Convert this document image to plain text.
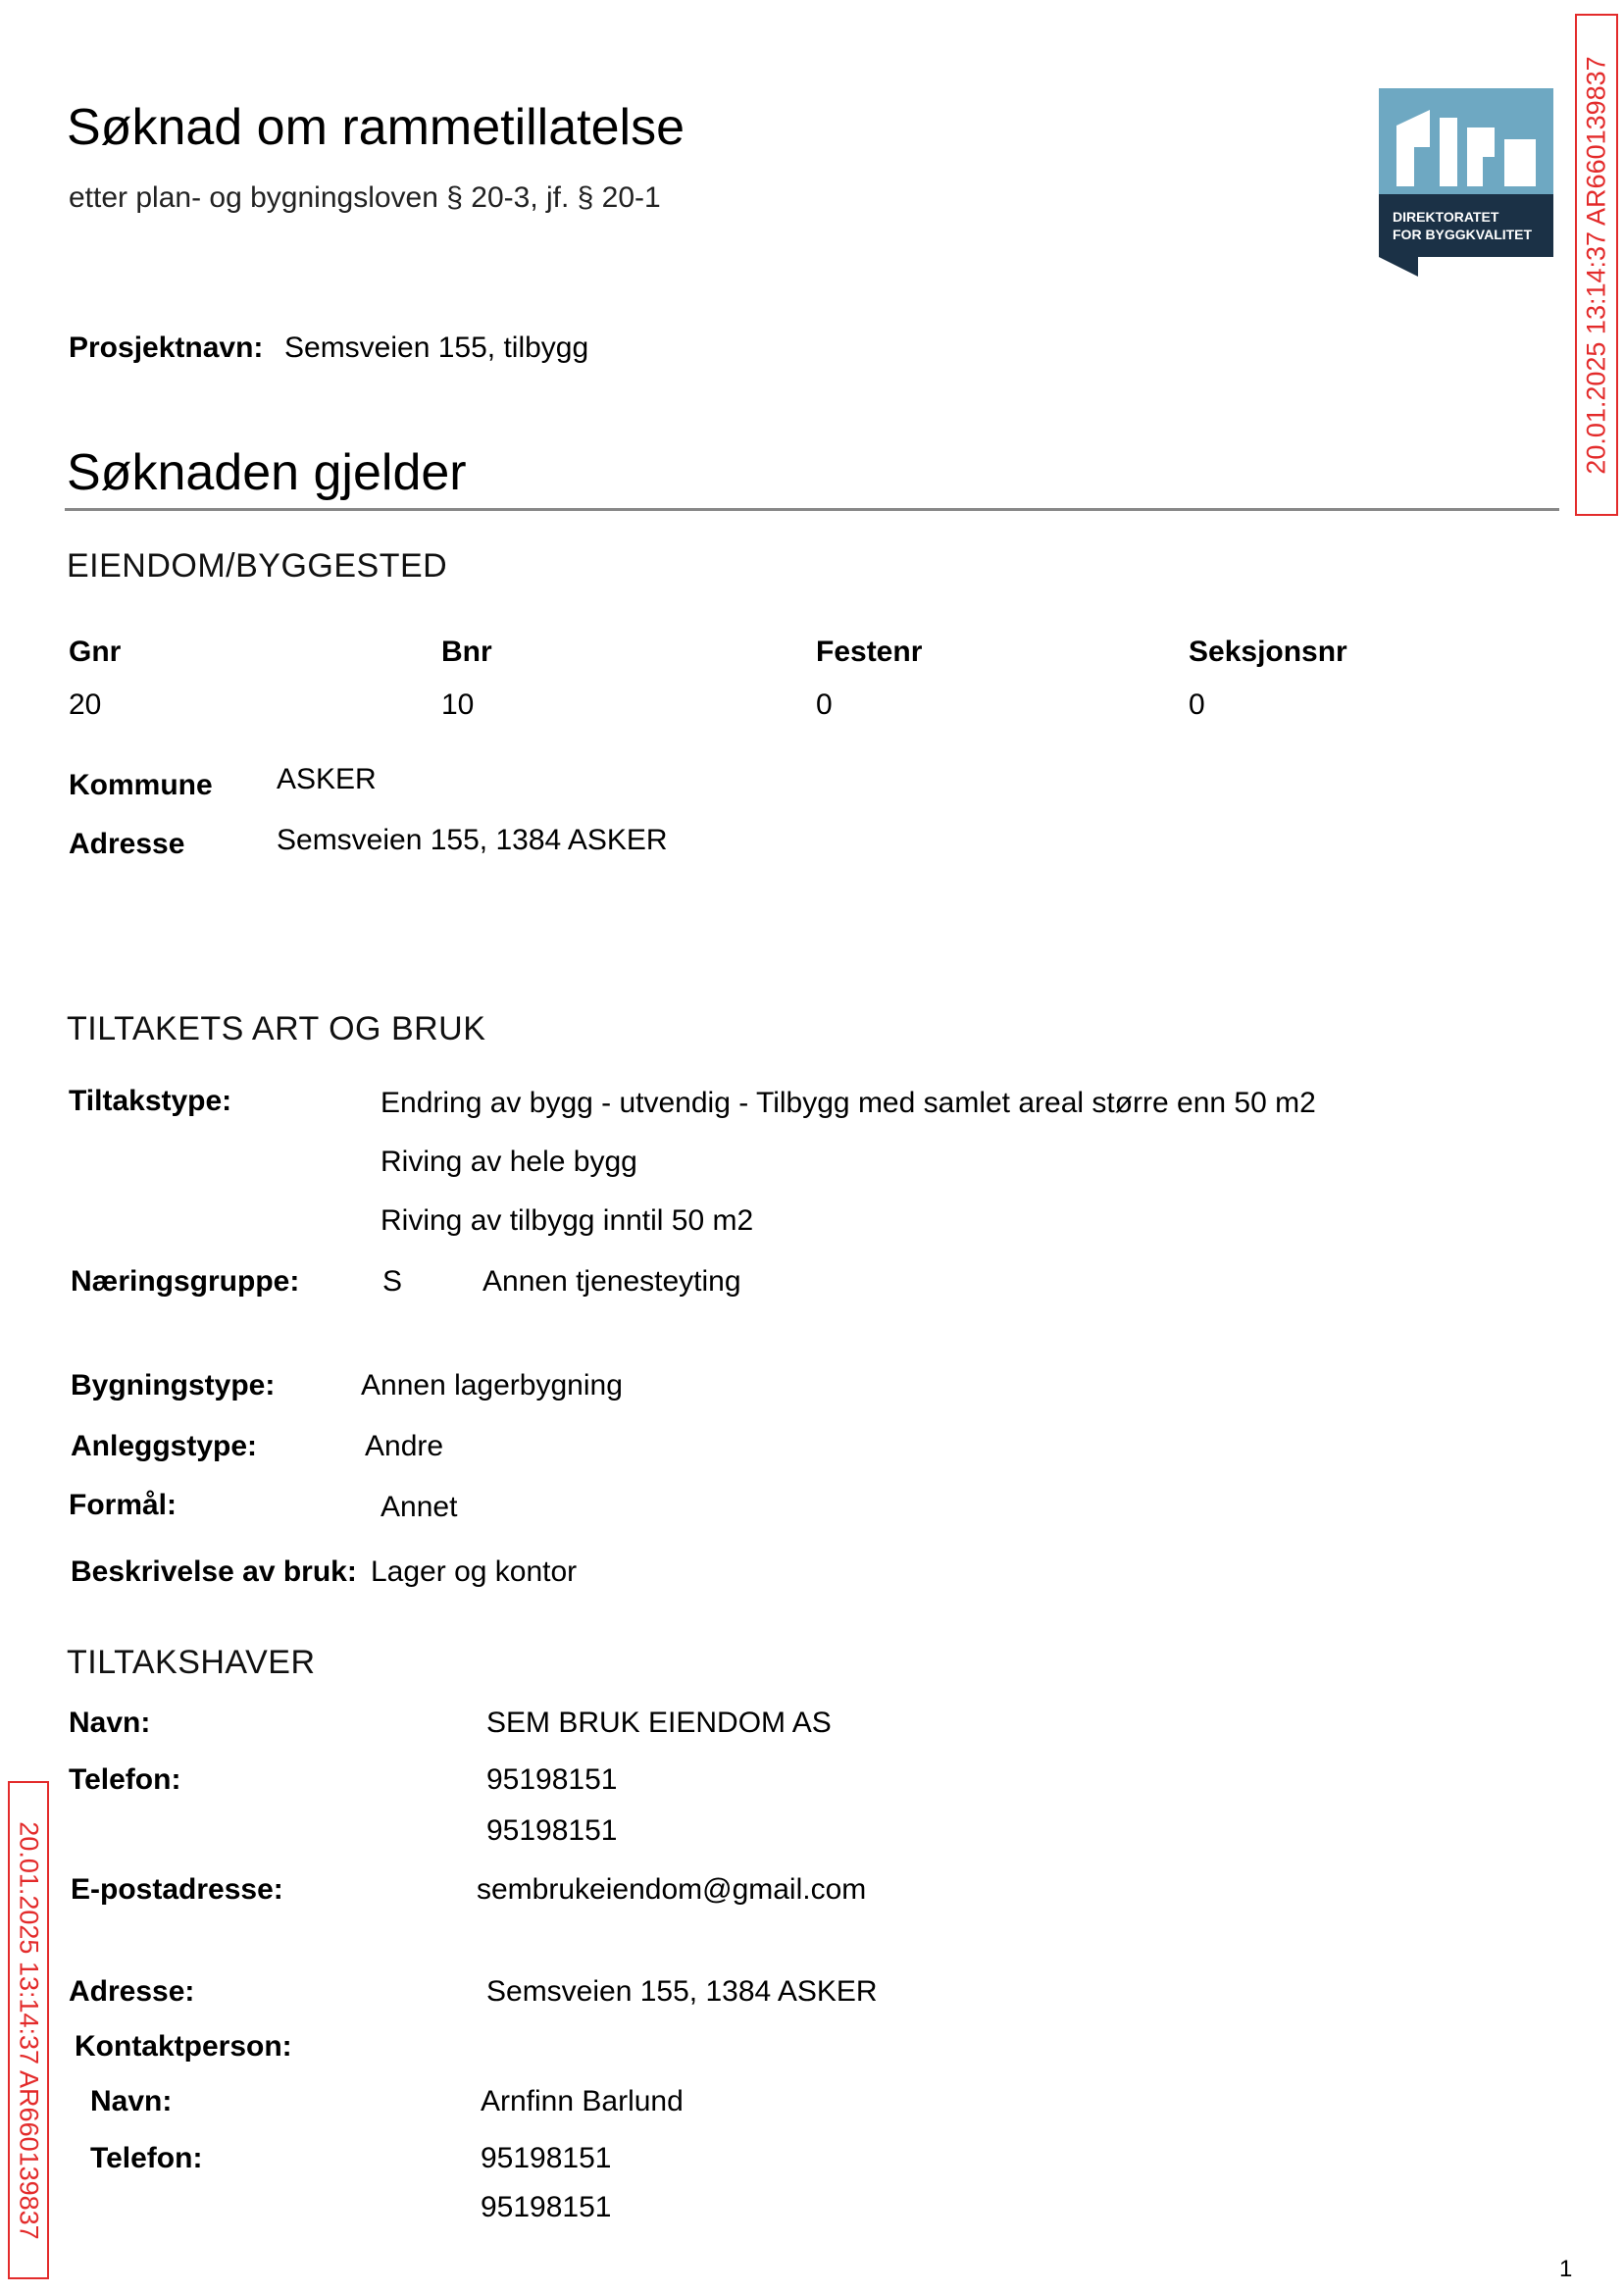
Søknad om rammetillatelse
etter plan- og bygningsloven § 20-3, jf. § 20-1
DIREKTORATET
FOR BYGGKVALITET
Prosjektnavn: Semsveien 155, tilbygg
Søknaden gjelder
EIENDOM/BYGGESTED
Gnr	Bnr	Festenr	Seksjonsnr
20	10	0	0
Kommune ASKER
Adresse	Semsveien 155, 1384 ASKER
TILTAKETS ART OG BRUK
Tiltakstype:	Endring av bygg - utvendig - Tilbygg med samlet areal større enn 50 m2
Riving av hele bygg
Riving av tilbygg inntil 50 m2
Næringsgruppe:	S	Annen tjenesteyting
Bygningstype:	Annen lagerbygning
Anleggstype:	Andre
Formål:	Annet
Beskrivelse av bruk: Lager og kontor
TILTAKSHAVER
Navn:	SEM BRUK EIENDOM AS
Telefon:	95198151
95198151
E-postadresse:	sembrukeiendom@gmail.com
Adresse:	Semsveien 155, 1384 ASKER
Kontaktperson:
Navn:	Arnfinn Barlund
Telefon:	95198151
95198151
20.01.2025 13:14:37 AR660139837
20.01.2025 13:14:37 AR660139837
1
